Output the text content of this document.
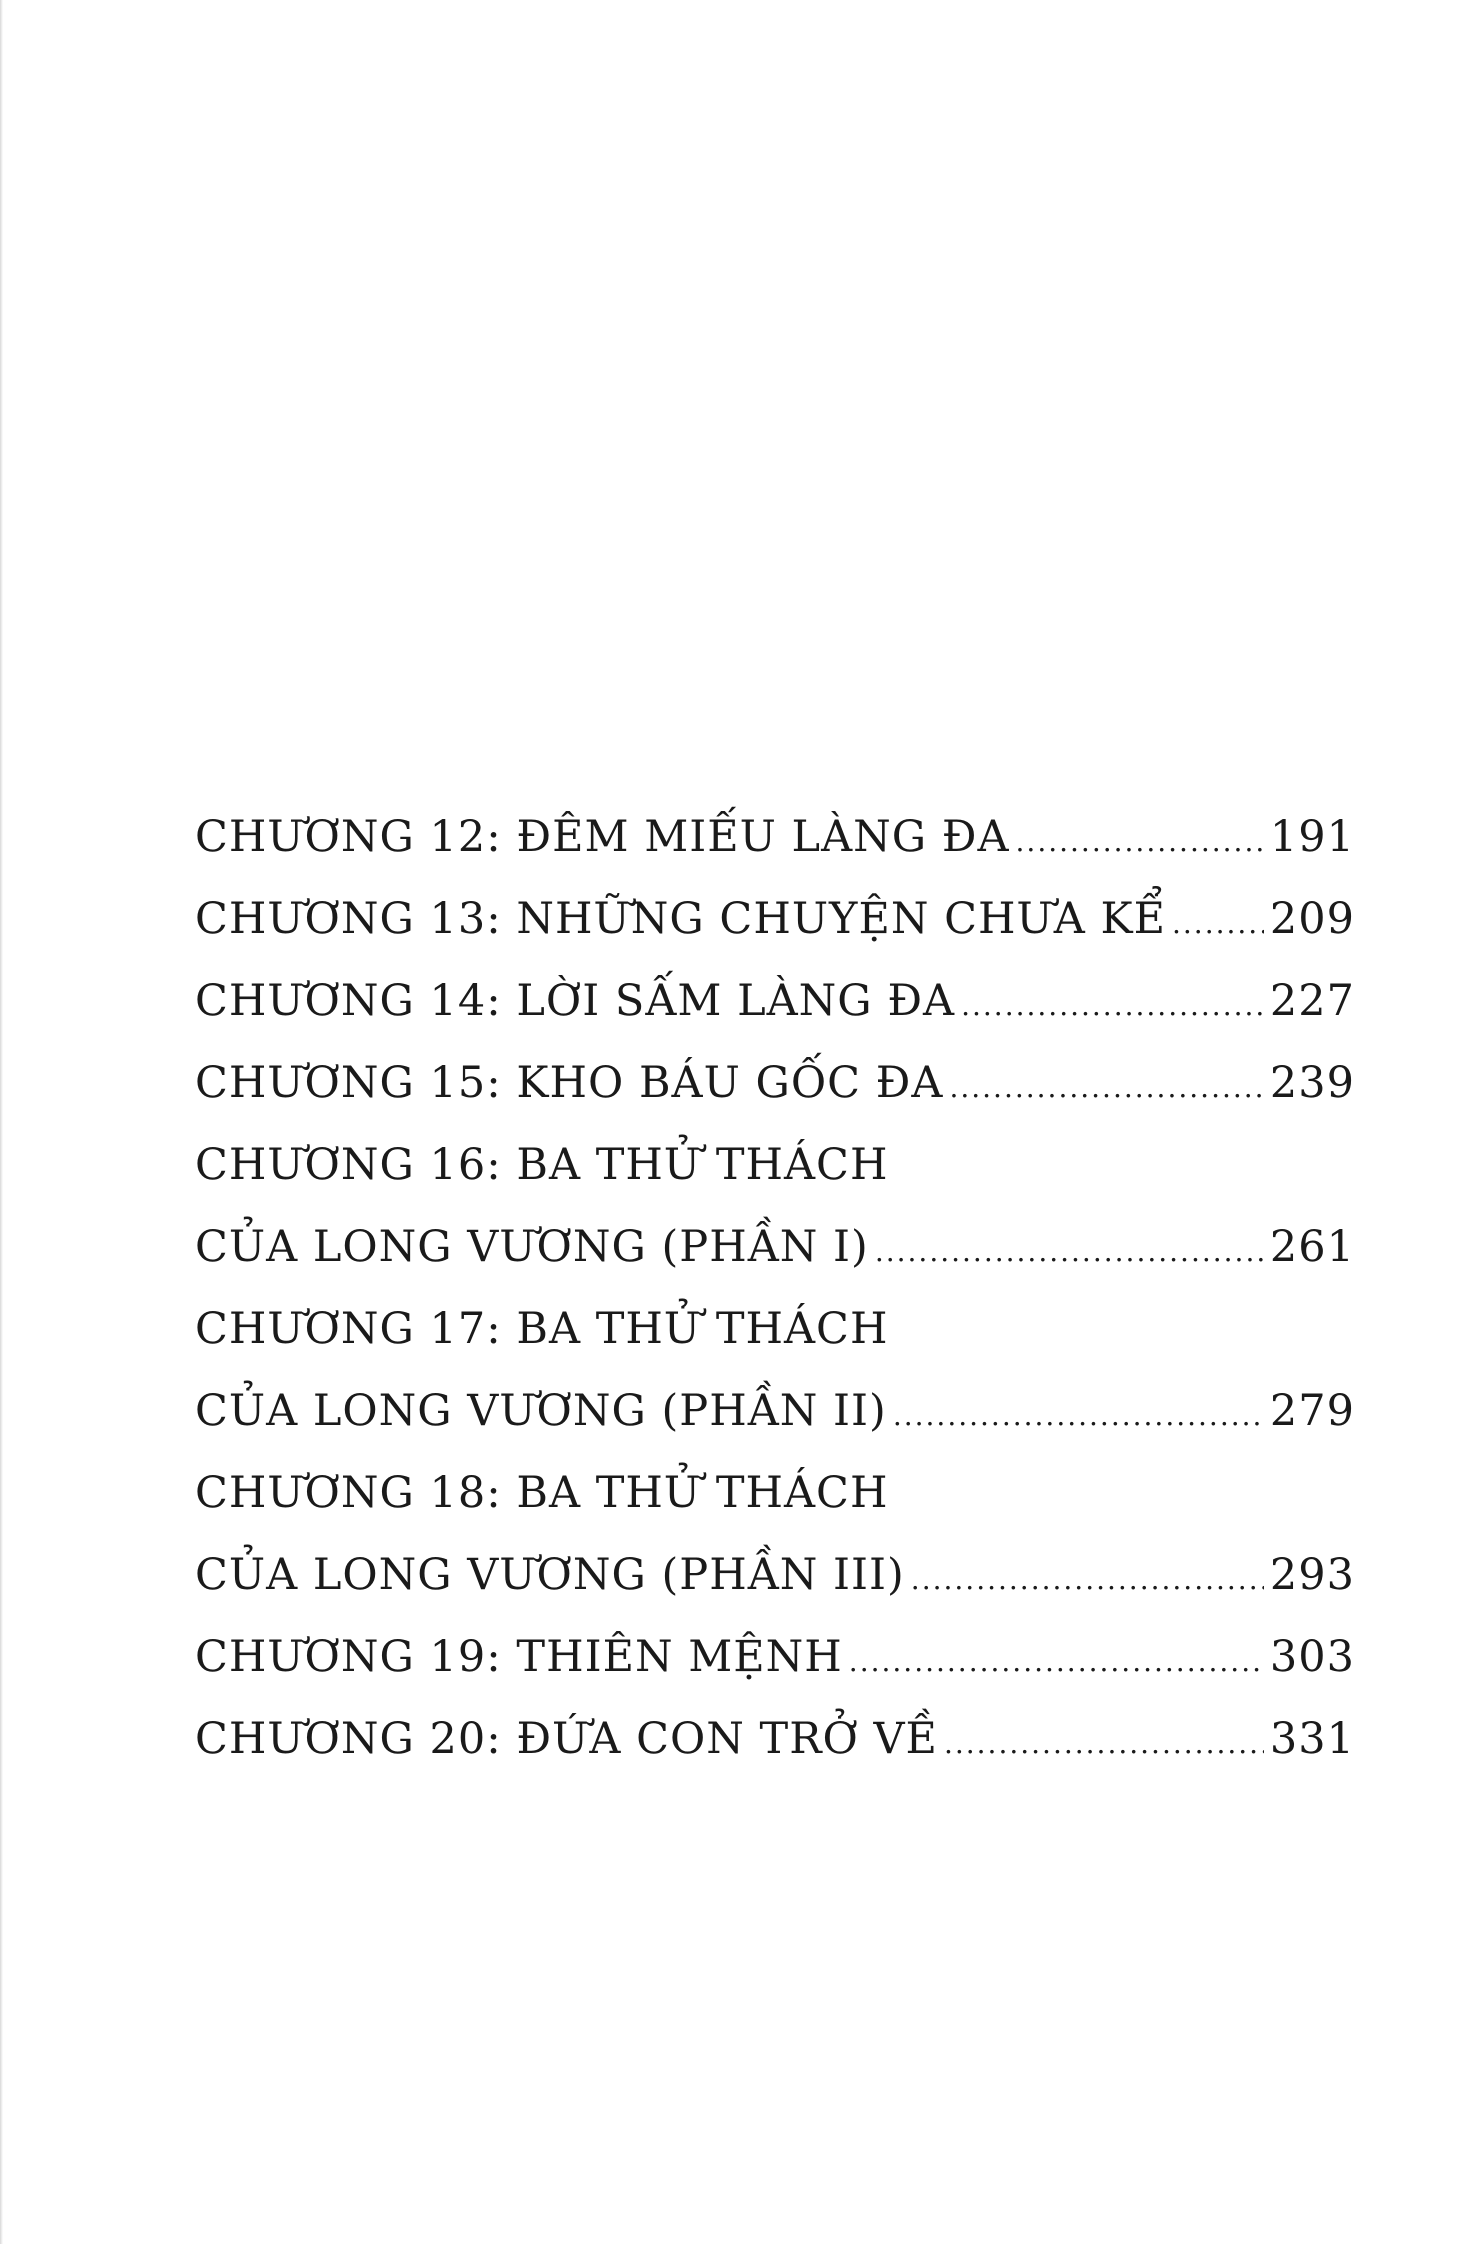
CHƯƠNG 12: ĐÊM MIẾU LÀNG ĐA .....	191
CHƯƠNG 13: NHỮNG CHUYỆN CHƯA KỂ ..... 209
CHƯƠNG 14: LỜI SẤM LÀNG ĐA .....	227
CHƯƠNG 15: KHO BÁU GỐC ĐA .....	239
CHƯƠNG 16: BA THỬ THÁCH
CỦA LONG VƯƠNG (PHẦN I) .....	261
CHƯƠNG 17: BA THỬ THÁCH
CỦA LONG VƯƠNG (PHẦN II) .....	279
CHƯƠNG 18: BA THỬ THÁCH
CỦA LONG VƯƠNG (PHẦN III) .....	293
CHƯƠNG 19: THIÊN MỆNH .....	303
CHƯƠNG 20: ĐỨA CON TRỞ VỀ .....	331
